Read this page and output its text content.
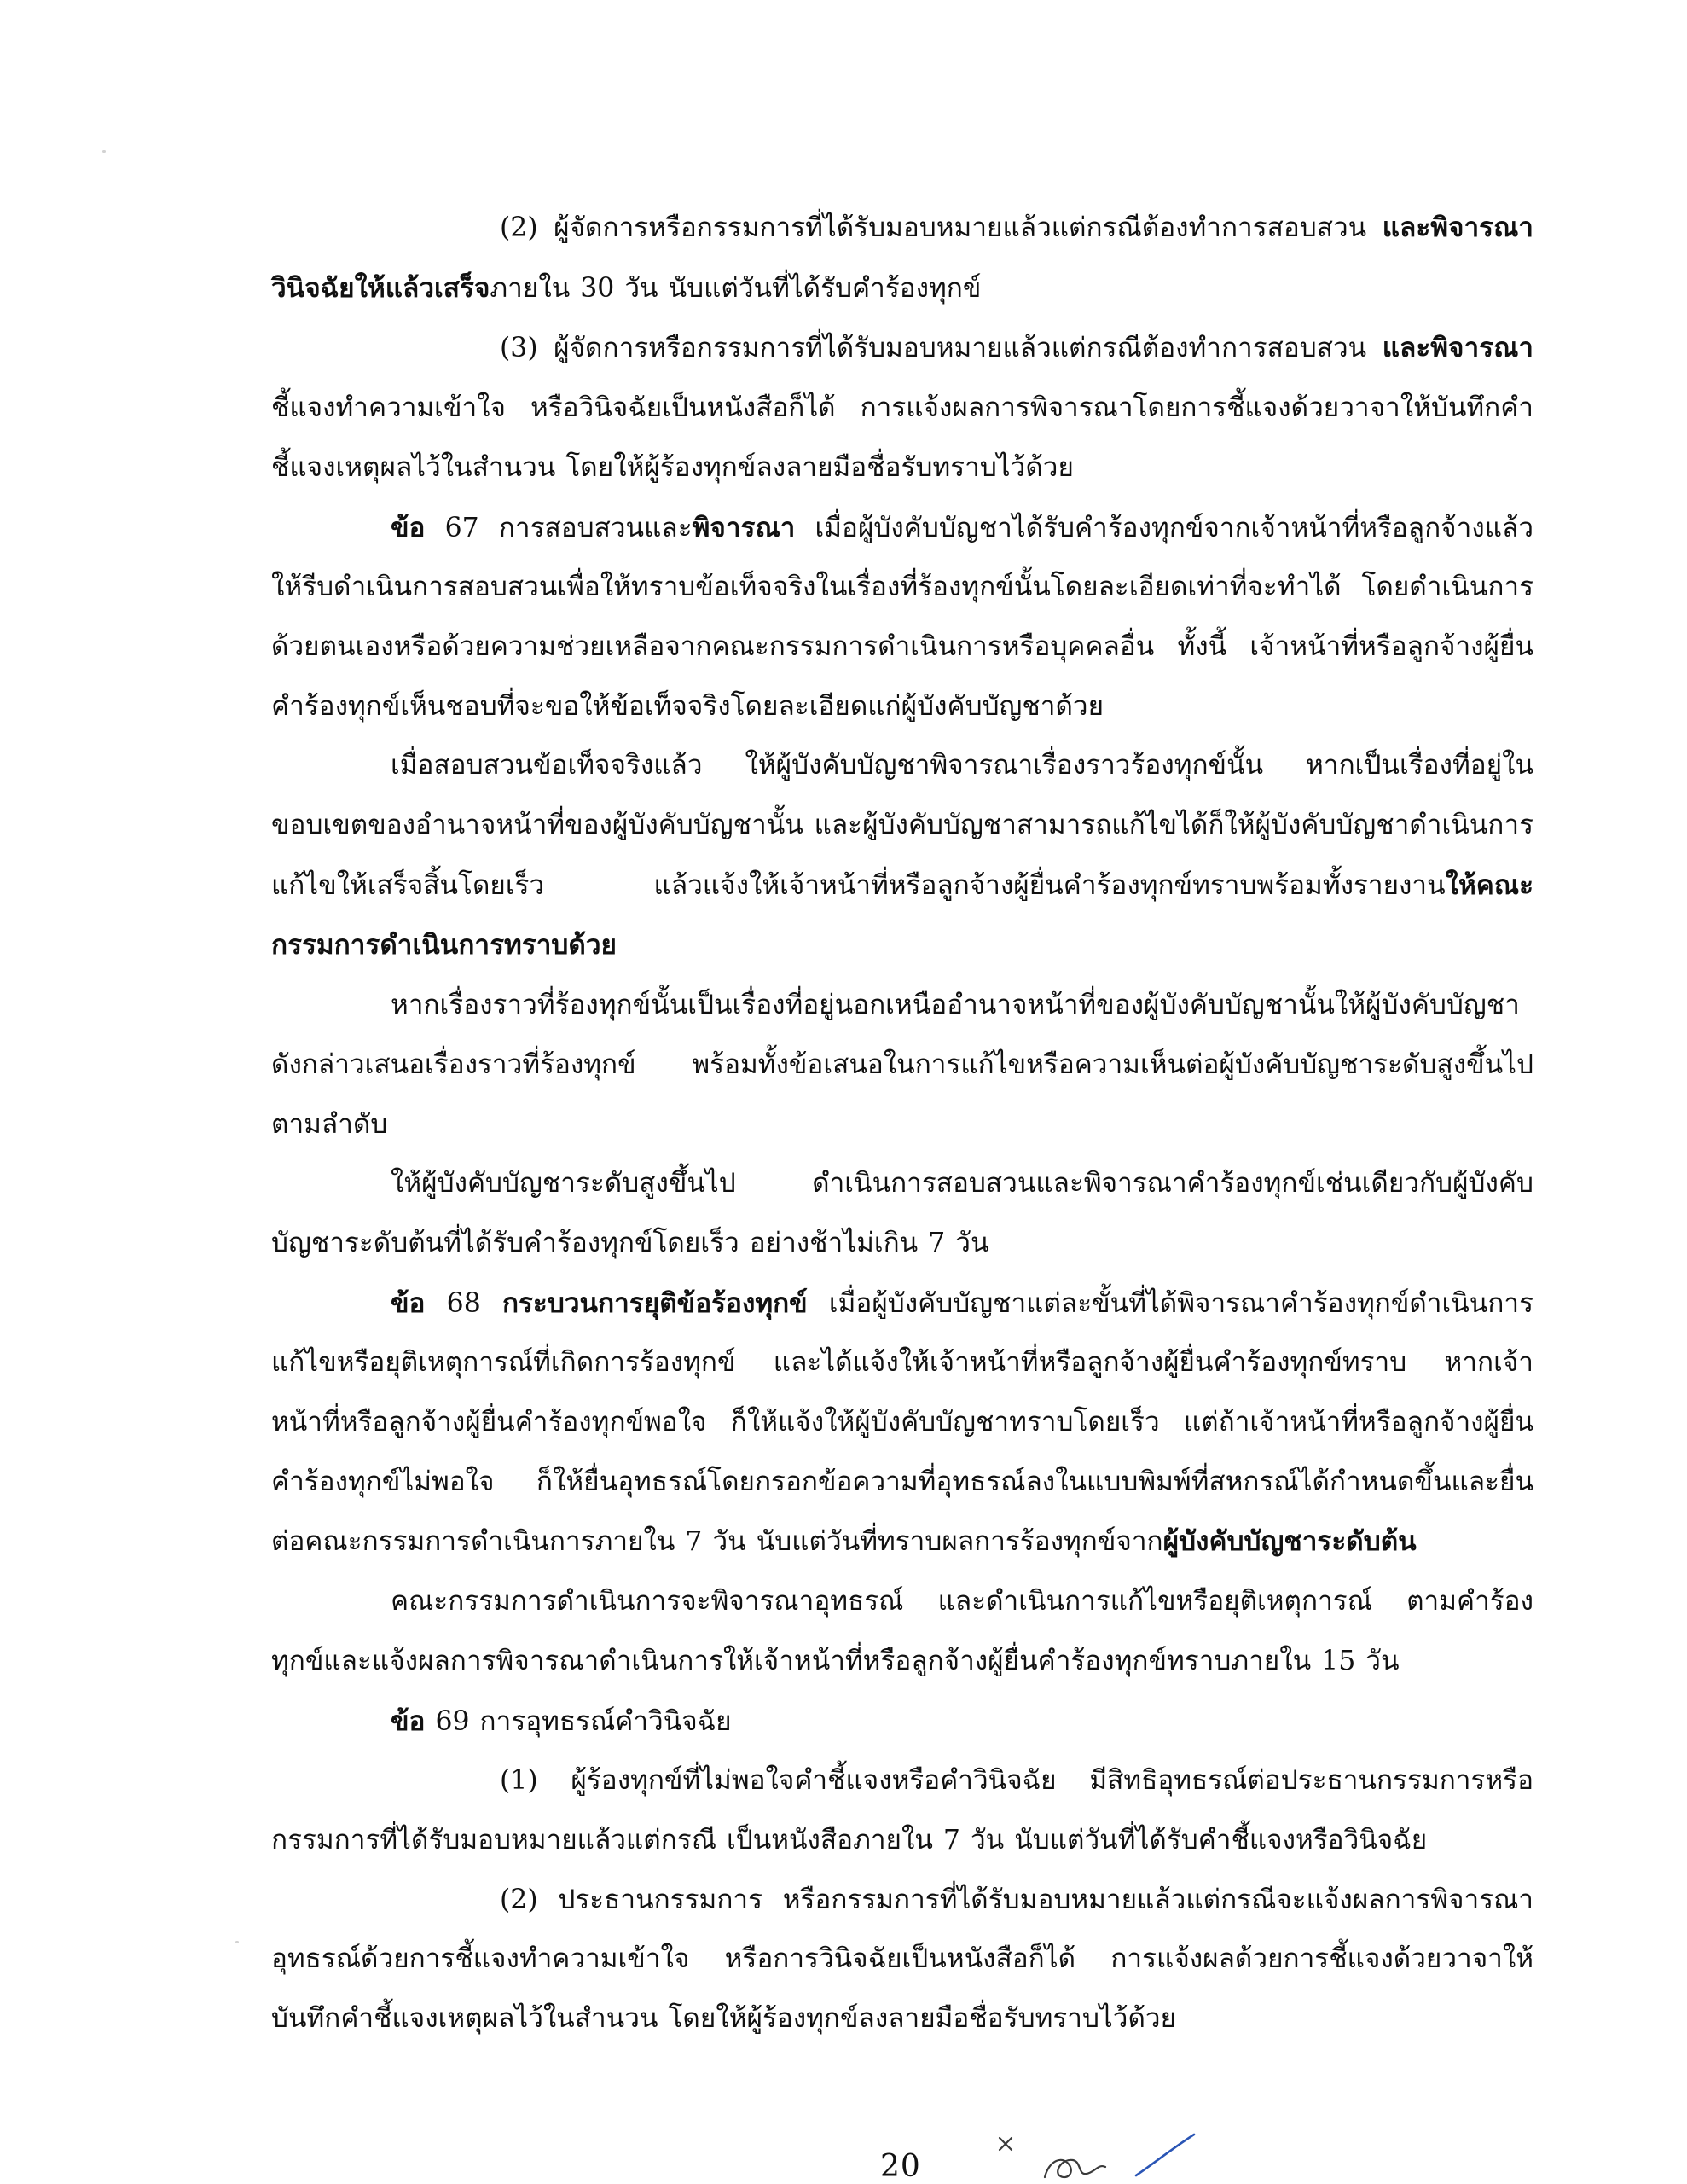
(2) ผู้จัดการหรือกรรมการที่ได้รับมอบหมายแล้วแต่กรณีต้องทำการสอบสวน และพิจารณาวินิจฉัยให้แล้วเสร็จภายใน 30 วัน นับแต่วันที่ได้รับคำร้องทุกข์

(3) ผู้จัดการหรือกรรมการที่ได้รับมอบหมายแล้วแต่กรณีต้องทำการสอบสวน และพิจารณา ชี้แจงทำความเข้าใจ หรือวินิจฉัยเป็นหนังสือก็ได้ การแจ้งผลการพิจารณาโดยการชี้แจงด้วยวาจาให้บันทึกคำชี้แจงเหตุผลไว้ในสำนวน โดยให้ผู้ร้องทุกข์ลงลายมือชื่อรับทราบไว้ด้วย

ข้อ 67 การสอบสวนและพิจารณา เมื่อผู้บังคับบัญชาได้รับคำร้องทุกข์จากเจ้าหน้าที่หรือลูกจ้างแล้ว ให้รีบดำเนินการสอบสวนเพื่อให้ทราบข้อเท็จจริงในเรื่องที่ร้องทุกข์นั้นโดยละเอียดเท่าที่จะทำได้ โดยดำเนินการด้วยตนเองหรือด้วยความช่วยเหลือจากคณะกรรมการดำเนินการหรือบุคคลอื่น ทั้งนี้ เจ้าหน้าที่หรือลูกจ้างผู้ยื่นคำร้องทุกข์เห็นชอบที่จะขอให้ข้อเท็จจริงโดยละเอียดแก่ผู้บังคับบัญชาด้วย

เมื่อสอบสวนข้อเท็จจริงแล้ว ให้ผู้บังคับบัญชาพิจารณาเรื่องราวร้องทุกข์นั้น หากเป็นเรื่องที่อยู่ในขอบเขตของอำนาจหน้าที่ของผู้บังคับบัญชานั้น และผู้บังคับบัญชาสามารถแก้ไขได้ก็ให้ผู้บังคับบัญชาดำเนินการแก้ไขให้เสร็จสิ้นโดยเร็ว แล้วแจ้งให้เจ้าหน้าที่หรือลูกจ้างผู้ยื่นคำร้องทุกข์ทราบพร้อมทั้งรายงานให้คณะกรรมการดำเนินการทราบด้วย

หากเรื่องราวที่ร้องทุกข์นั้นเป็นเรื่องที่อยู่นอกเหนืออำนาจหน้าที่ของผู้บังคับบัญชานั้นให้ผู้บังคับบัญชาดังกล่าวเสนอเรื่องราวที่ร้องทุกข์ พร้อมทั้งข้อเสนอในการแก้ไขหรือความเห็นต่อผู้บังคับบัญชาระดับสูงขึ้นไปตามลำดับ

ให้ผู้บังคับบัญชาระดับสูงขึ้นไป ดำเนินการสอบสวนและพิจารณาคำร้องทุกข์เช่นเดียวกับผู้บังคับบัญชาระดับต้นที่ได้รับคำร้องทุกข์โดยเร็ว อย่างช้าไม่เกิน 7 วัน

ข้อ 68 กระบวนการยุติข้อร้องทุกข์ เมื่อผู้บังคับบัญชาแต่ละขั้นที่ได้พิจารณาคำร้องทุกข์ดำเนินการแก้ไขหรือยุติเหตุการณ์ที่เกิดการร้องทุกข์ และได้แจ้งให้เจ้าหน้าที่หรือลูกจ้างผู้ยื่นคำร้องทุกข์ทราบ หากเจ้าหน้าที่หรือลูกจ้างผู้ยื่นคำร้องทุกข์พอใจ ก็ให้แจ้งให้ผู้บังคับบัญชาทราบโดยเร็ว แต่ถ้าเจ้าหน้าที่หรือลูกจ้างผู้ยื่นคำร้องทุกข์ไม่พอใจ ก็ให้ยื่นอุทธรณ์โดยกรอกข้อความที่อุทธรณ์ลงในแบบพิมพ์ที่สหกรณ์ได้กำหนดขึ้นและยื่นต่อคณะกรรมการดำเนินการภายใน 7 วัน นับแต่วันที่ทราบผลการร้องทุกข์จากผู้บังคับบัญชาระดับต้น

คณะกรรมการดำเนินการจะพิจารณาอุทธรณ์ และดำเนินการแก้ไขหรือยุติเหตุการณ์ ตามคำร้องทุกข์และแจ้งผลการพิจารณาดำเนินการให้เจ้าหน้าที่หรือลูกจ้างผู้ยื่นคำร้องทุกข์ทราบภายใน 15 วัน

ข้อ 69 การอุทธรณ์คำวินิจฉัย

(1) ผู้ร้องทุกข์ที่ไม่พอใจคำชี้แจงหรือคำวินิจฉัย มีสิทธิอุทธรณ์ต่อประธานกรรมการหรือกรรมการที่ได้รับมอบหมายแล้วแต่กรณี เป็นหนังสือภายใน 7 วัน นับแต่วันที่ได้รับคำชี้แจงหรือวินิจฉัย

(2) ประธานกรรมการ หรือกรรมการที่ได้รับมอบหมายแล้วแต่กรณีจะแจ้งผลการพิจารณา อุทธรณ์ด้วยการชี้แจงทำความเข้าใจ หรือการวินิจฉัยเป็นหนังสือก็ได้ การแจ้งผลด้วยการชี้แจงด้วยวาจาให้บันทึกคำชี้แจงเหตุผลไว้ในสำนวน โดยให้ผู้ร้องทุกข์ลงลายมือชื่อรับทราบไว้ด้วย

20
